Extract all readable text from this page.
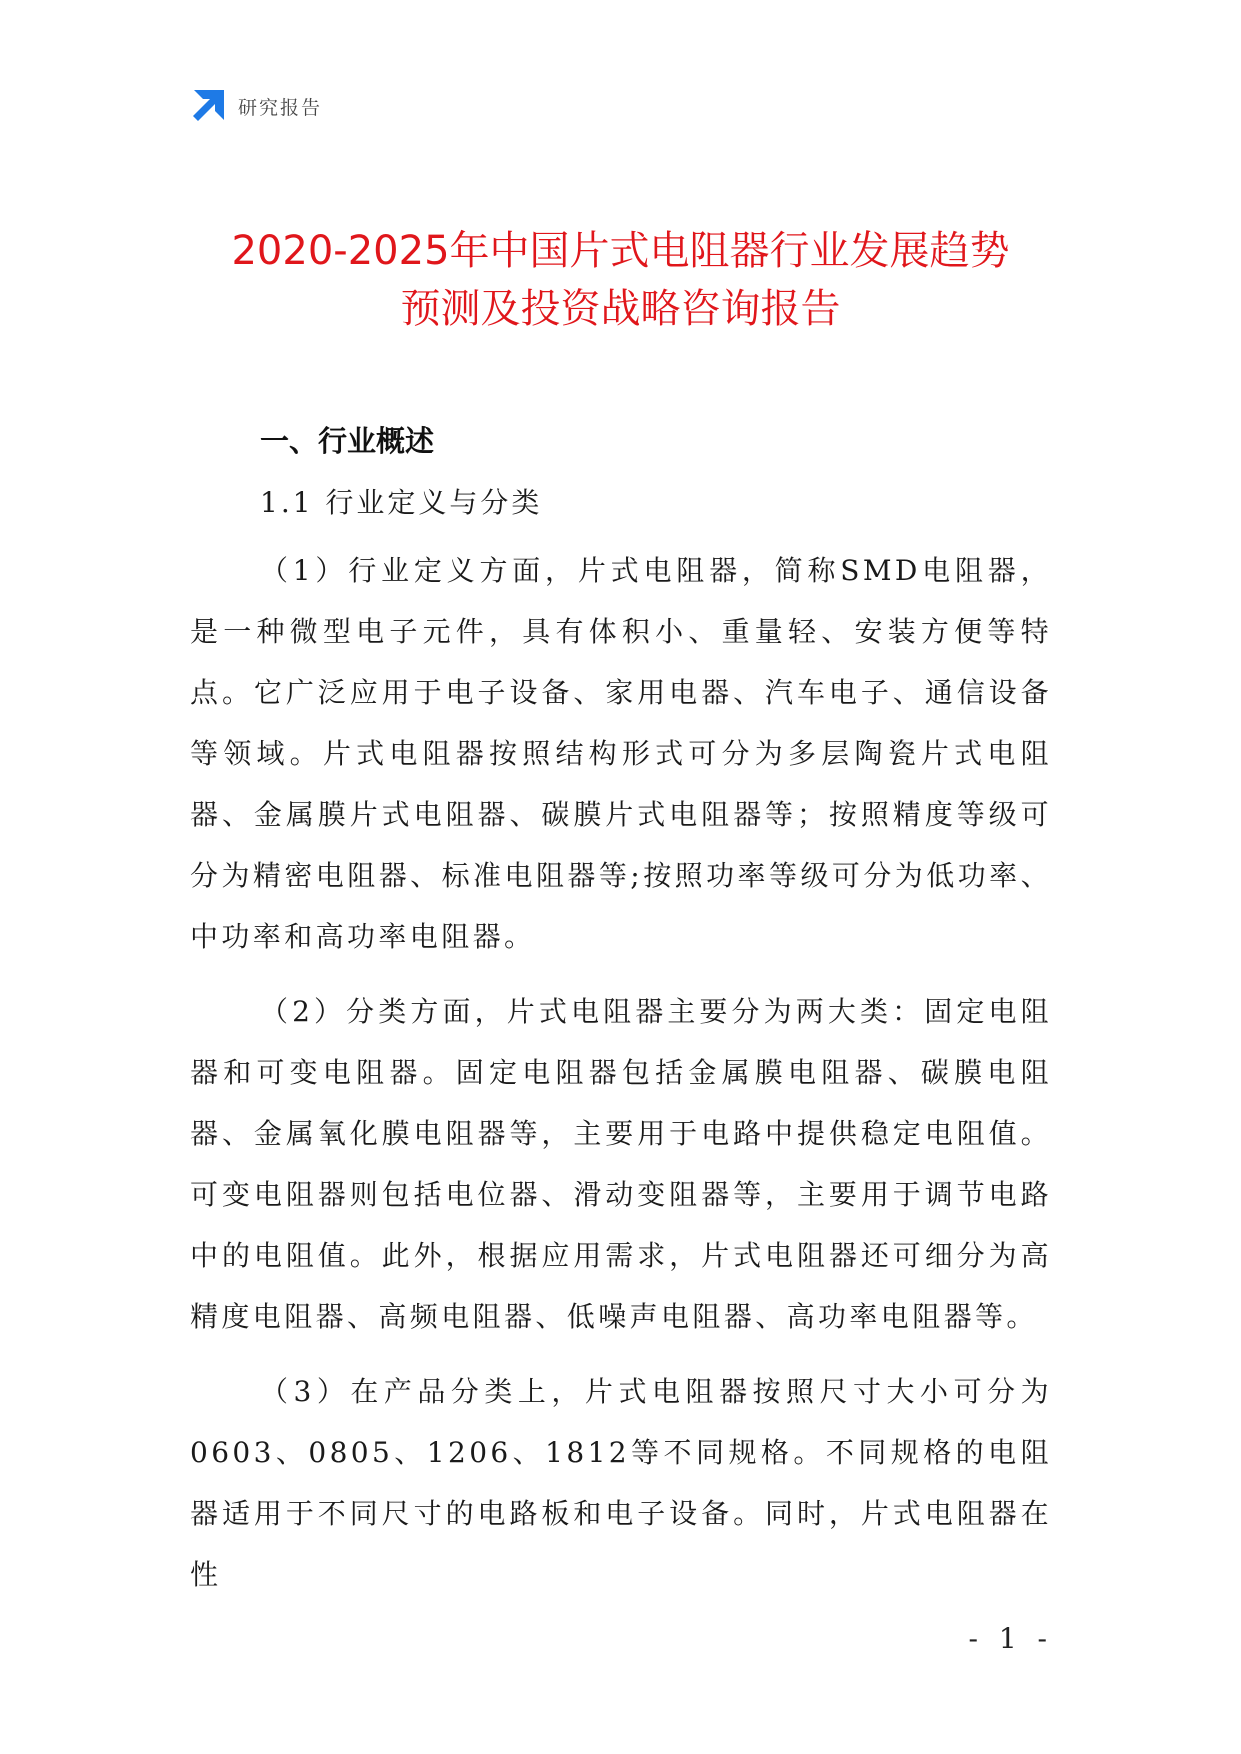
研究报告
2020-2025年中国片式电阻器行业发展趋势
预测及投资战略咨询报告

一、行业概述

1.1 行业定义与分类

（1）行业定义方面，片式电阻器，简称SMD电阻器，是一种微型电子元件，具有体积小、重量轻、安装方便等特点。它广泛应用于电子设备、家用电器、汽车电子、通信设备等领域。片式电阻器按照结构形式可分为多层陶瓷片式电阻器、金属膜片式电阻器、碳膜片式电阻器等；按照精度等级可分为精密电阻器、标准电阻器等;按照功率等级可分为低功率、中功率和高功率电阻器。

（2）分类方面，片式电阻器主要分为两大类：固定电阻器和可变电阻器。固定电阻器包括金属膜电阻器、碳膜电阻器、金属氧化膜电阻器等，主要用于电路中提供稳定电阻值。可变电阻器则包括电位器、滑动变阻器等，主要用于调节电路中的电阻值。此外，根据应用需求，片式电阻器还可细分为高精度电阻器、高频电阻器、低噪声电阻器、高功率电阻器等。

（3）在产品分类上，片式电阻器按照尺寸大小可分为0603、0805、1206、1812等不同规格。不同规格的电阻器适用于不同尺寸的电路板和电子设备。同时，片式电阻器在性

- 1 -
